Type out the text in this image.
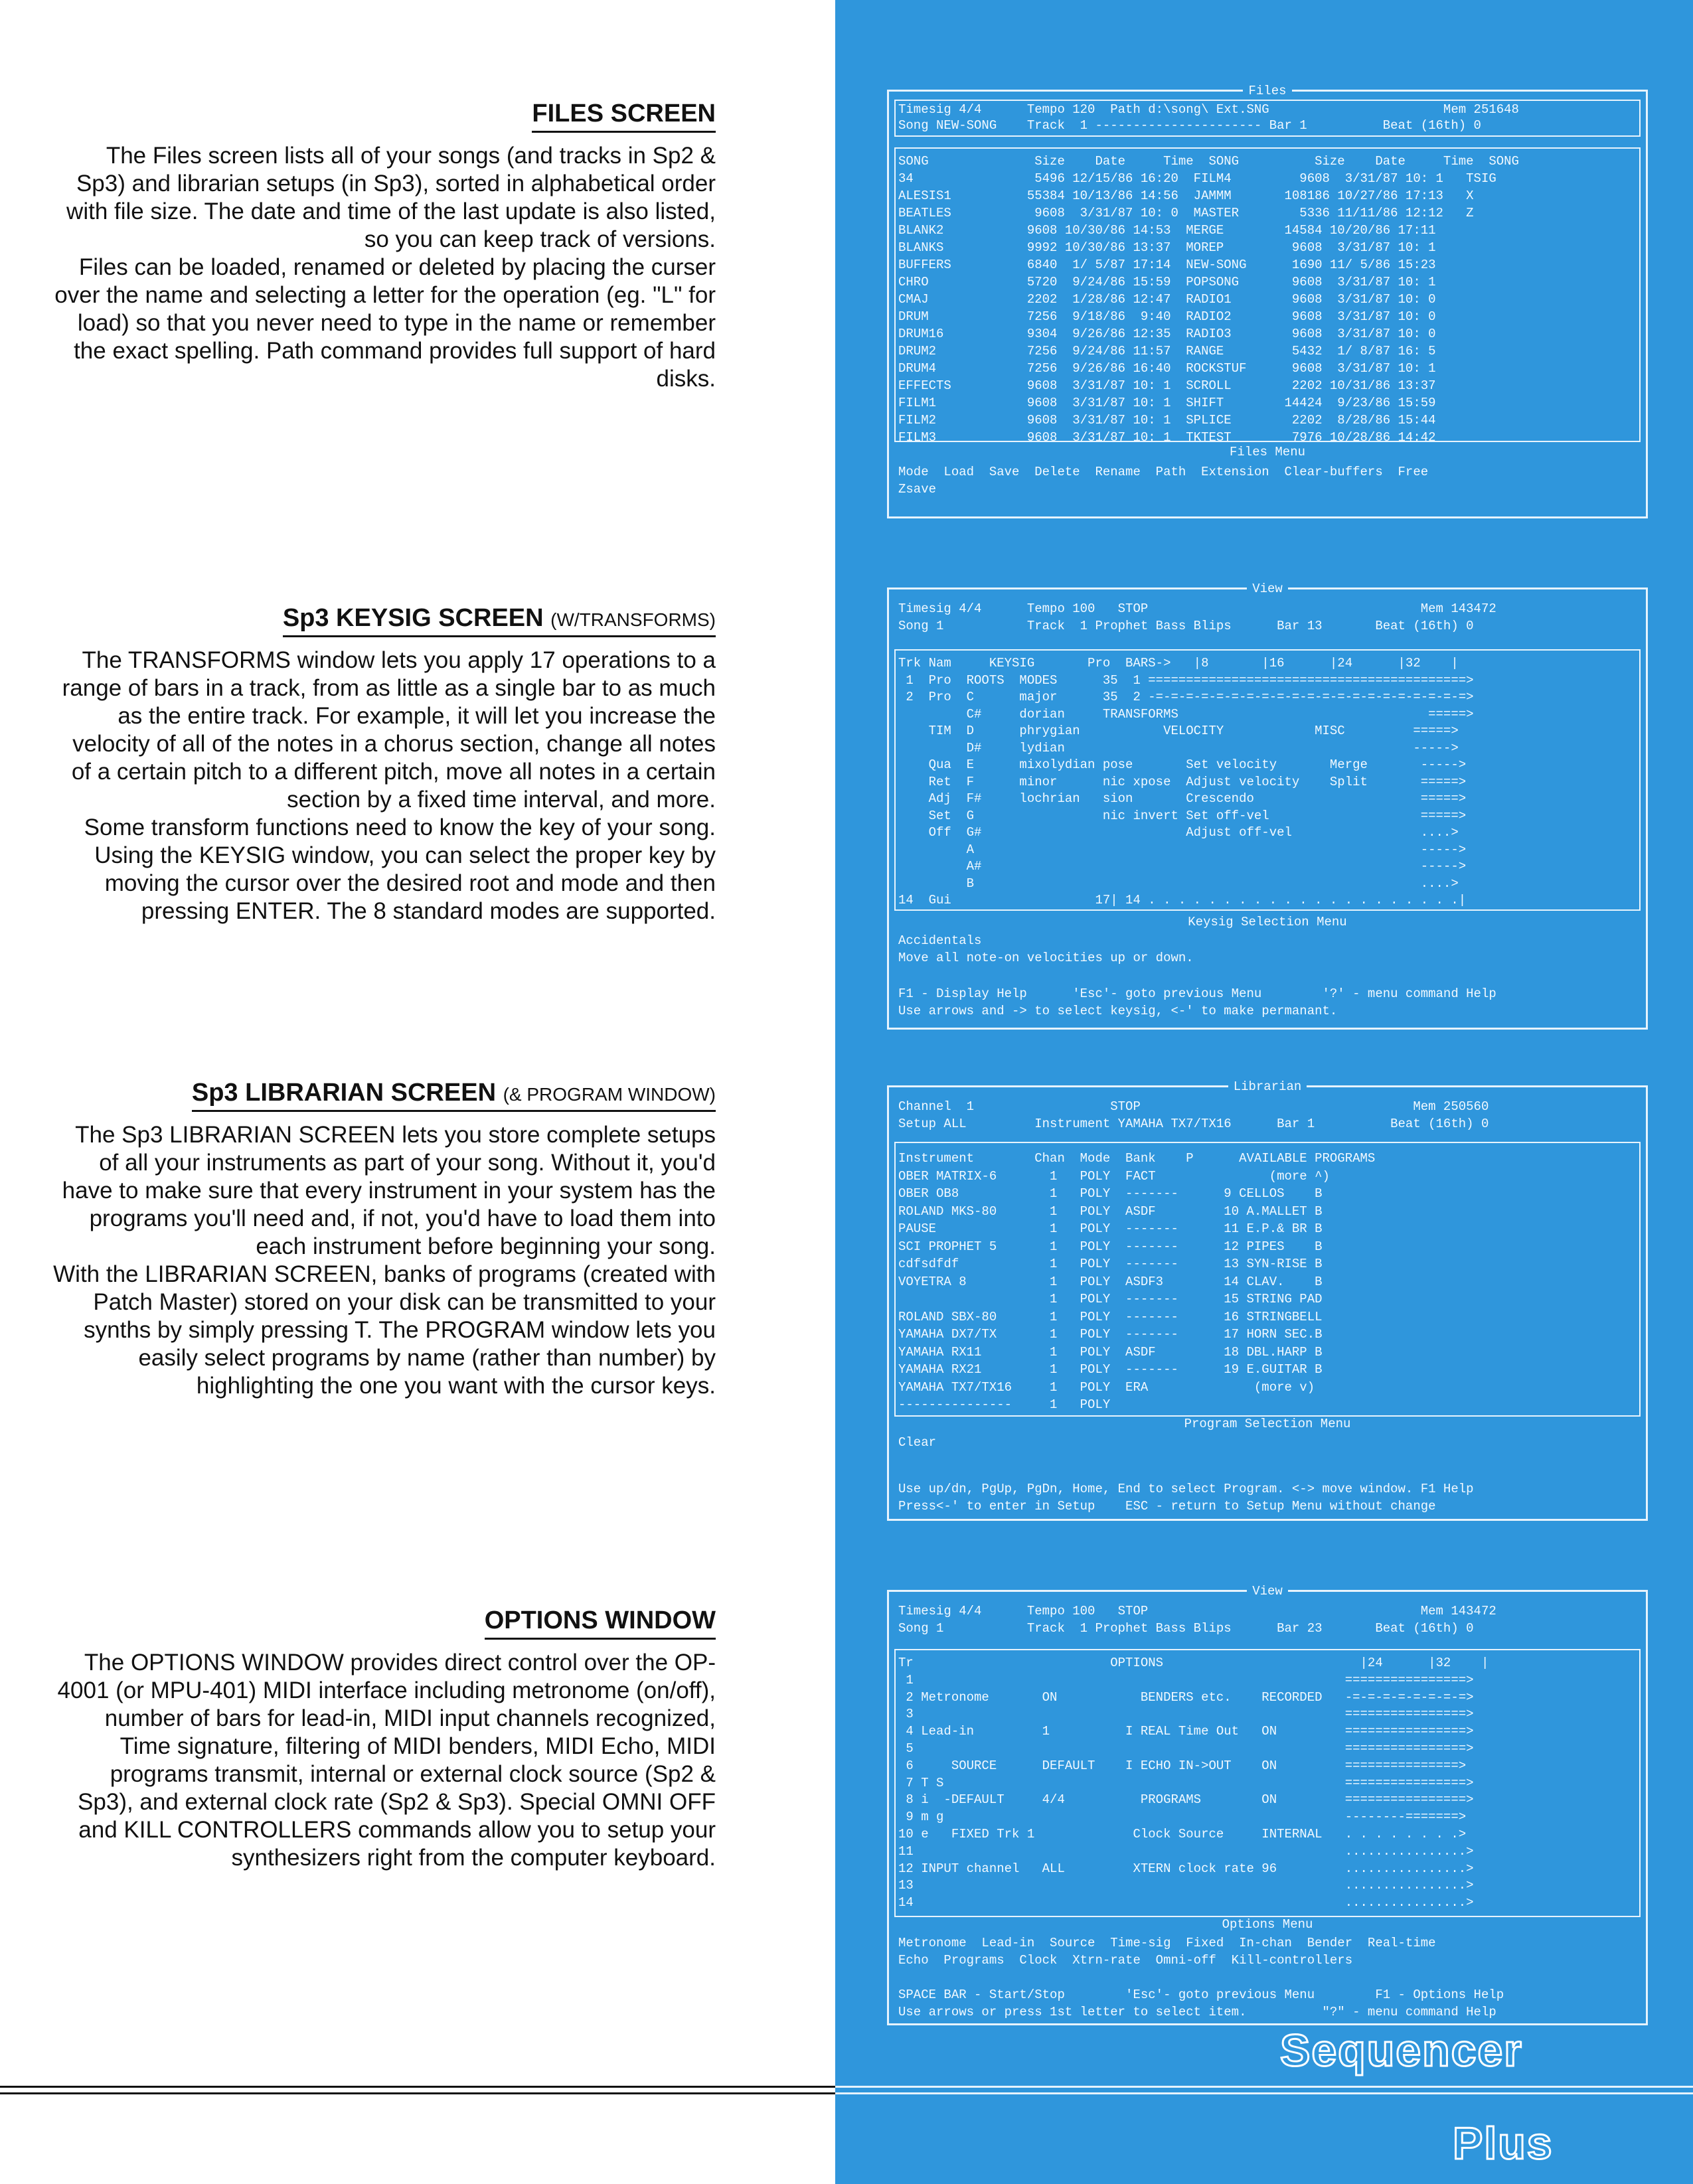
FILES SCREEN

The Files screen lists all of your songs (and tracks in Sp2 & Sp3) and librarian setups (in Sp3), sorted in alphabetical order with file size. The date and time of the last update is also listed, so you can keep track of versions.

Files can be loaded, renamed or deleted by placing the curser over the name and selecting a letter for the operation (eg. "L" for load) so that you never need to type in the name or remember the exact spelling. Path command provides full support of hard disks.

Sp3 KEYSIG SCREEN (W/TRANSFORMS)

The TRANSFORMS window lets you apply 17 operations to a range of bars in a track, from as little as a single bar to as much as the entire track. For example, it will let you increase the velocity of all of the notes in a chorus section, change all notes of a certain pitch to a different pitch, move all notes in a certain section by a fixed time interval, and more.

Some transform functions need to know the key of your song. Using the KEYSIG window, you can select the proper key by moving the cursor over the desired root and mode and then pressing ENTER. The 8 standard modes are supported.

Sp3 LIBRARIAN SCREEN (& PROGRAM WINDOW)

The Sp3 LIBRARIAN SCREEN lets you store complete setups of all your instruments as part of your song. Without it, you'd have to make sure that every instrument in your system has the programs you'll need and, if not, you'd have to load them into each instrument before beginning your song.

With the LIBRARIAN SCREEN, banks of programs (created with Patch Master) stored on your disk can be transmitted to your synths by simply pressing T. The PROGRAM window lets you easily select programs by name (rather than number) by highlighting the one you want with the cursor keys.

OPTIONS WINDOW

The OPTIONS WINDOW provides direct control over the OP-4001 (or MPU-401) MIDI interface including metronome (on/off), number of bars for lead-in, MIDI input channels recognized, Time signature, filtering of MIDI benders, MIDI Echo, MIDI programs transmit, internal or external clock source (Sp2 & Sp3), and external clock rate (Sp2 & Sp3). Special OMNI OFF and KILL CONTROLLERS commands allow you to setup your synthesizers right from the computer keyboard.

Files
Timesig 4/4      Tempo 120  Path d:\song\ Ext.SNG                       Mem 251648
Song NEW-SONG    Track  1 ---------------------- Bar 1          Beat (16th) 0
SONG              Size    Date     Time  SONG          Size    Date     Time  SONG
34                5496 12/15/86 16:20  FILM4         9608  3/31/87 10: 1   TSIG
ALESIS1          55384 10/13/86 14:56  JAMMM       108186 10/27/86 17:13   X
BEATLES           9608  3/31/87 10: 0  MASTER        5336 11/11/86 12:12   Z
BLANK2           9608 10/30/86 14:53  MERGE        14584 10/20/86 17:11
BLANKS           9992 10/30/86 13:37  MOREP         9608  3/31/87 10: 1
BUFFERS          6840  1/ 5/87 17:14  NEW-SONG      1690 11/ 5/86 15:23
CHRO             5720  9/24/86 15:59  POPSONG       9608  3/31/87 10: 1
CMAJ             2202  1/28/86 12:47  RADIO1        9608  3/31/87 10: 0
DRUM             7256  9/18/86  9:40  RADIO2        9608  3/31/87 10: 0
DRUM16           9304  9/26/86 12:35  RADIO3        9608  3/31/87 10: 0
DRUM2            7256  9/24/86 11:57  RANGE         5432  1/ 8/87 16: 5
DRUM4            7256  9/26/86 16:40  ROCKSTUF      9608  3/31/87 10: 1
EFFECTS          9608  3/31/87 10: 1  SCROLL        2202 10/31/86 13:37
FILM1            9608  3/31/87 10: 1  SHIFT        14424  9/23/86 15:59
FILM2            9608  3/31/87 10: 1  SPLICE        2202  8/28/86 15:44
FILM3            9608  3/31/87 10: 1  TKTEST        7976 10/28/86 14:42
Files Menu
Mode  Load  Save  Delete  Rename  Path  Extension  Clear-buffers  Free
Zsave
View
Timesig 4/4      Tempo 100   STOP                                    Mem 143472
Song 1           Track  1 Prophet Bass Blips      Bar 13       Beat (16th) 0
Trk Nam     KEYSIG       Pro  BARS->   |8       |16      |24      |32    |
1  Pro  ROOTS  MODES      35  1 ==========================================>
2  Pro  C      major      35  2 -=-=-=-=-=-=-=-=-=-=-=-=-=-=-=-=-=-=-=-=-=>
C#     dorian     TRANSFORMS                                 =====>
TIM  D      phrygian           VELOCITY            MISC         =====>
D#     lydian                                              ----->
Qua  E      mixolydian pose       Set velocity       Merge       ----->
Ret  F      minor      nic xpose  Adjust velocity    Split       =====>
Adj  F#     lochrian   sion       Crescendo                      =====>
Set  G                 nic invert Set off-vel                    =====>
Off  G#                           Adjust off-vel                 ....>
A                                                           ----->
A#                                                          ----->
B                                                           ....>
14  Gui                   17| 14 . . . . . . . . . . . . . . . . . . . . .|
Keysig Selection Menu
Accidentals
Move all note-on velocities up or down.
F1 - Display Help      'Esc'- goto previous Menu        '?' - menu command Help
Use arrows and -> to select keysig, <-' to make permanant.
Librarian
Channel  1                  STOP                                    Mem 250560
Setup ALL         Instrument YAMAHA TX7/TX16      Bar 1          Beat (16th) 0
Instrument        Chan  Mode  Bank    P      AVAILABLE PROGRAMS
OBER MATRIX-6       1   POLY  FACT               (more ^)
OBER OB8            1   POLY  -------      9 CELLOS    B
ROLAND MKS-80       1   POLY  ASDF         10 A.MALLET B
PAUSE               1   POLY  -------      11 E.P.& BR B
SCI PROPHET 5       1   POLY  -------      12 PIPES    B
cdfsdfdf            1   POLY  -------      13 SYN-RISE B
VOYETRA 8           1   POLY  ASDF3        14 CLAV.    B
1   POLY  -------      15 STRING PAD
ROLAND SBX-80       1   POLY  -------      16 STRINGBELL
YAMAHA DX7/TX       1   POLY  -------      17 HORN SEC.B
YAMAHA RX11         1   POLY  ASDF         18 DBL.HARP B
YAMAHA RX21         1   POLY  -------      19 E.GUITAR B
YAMAHA TX7/TX16     1   POLY  ERA              (more v)
---------------     1   POLY
Program Selection Menu
Clear
Use up/dn, PgUp, PgDn, Home, End to select Program. <-> move window. F1 Help
Press<-' to enter in Setup    ESC - return to Setup Menu without change
View
Timesig 4/4      Tempo 100   STOP                                    Mem 143472
Song 1           Track  1 Prophet Bass Blips      Bar 23       Beat (16th) 0
Tr                          OPTIONS                          |24      |32    |
1                                                         ================>
2 Metronome       ON           BENDERS etc.    RECORDED   -=-=-=-=-=-=-=-=>
3                                                         ================>
4 Lead-in         1          I REAL Time Out   ON         ================>
5                                                         ================>
6     SOURCE      DEFAULT    I ECHO IN->OUT    ON         ===============>
7 T S                                                     ================>
8 i  -DEFAULT     4/4          PROGRAMS        ON         ================>
9 m g                                                     --------=======>
10 e   FIXED Trk 1             Clock Source     INTERNAL   . . . . . . . .>
11                                                         ................>
12 INPUT channel   ALL         XTERN clock rate 96         ................>
13                                                         ................>
14                                                         ................>
Options Menu
Metronome  Lead-in  Source  Time-sig  Fixed  In-chan  Bender  Real-time
Echo  Programs  Clock  Xtrn-rate  Omni-off  Kill-controllers
SPACE BAR - Start/Stop        'Esc'- goto previous Menu        F1 - Options Help
Use arrows or press 1st letter to select item.          "?" - menu command Help
Sequencer
Plus
